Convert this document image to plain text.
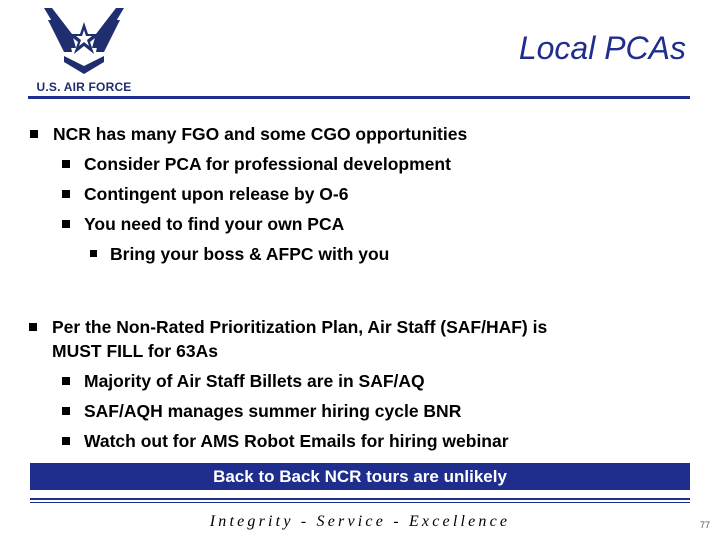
U.S. AIR FORCE
Local PCAs
NCR has many FGO and some CGO opportunities
Consider PCA for professional development
Contingent upon release by O-6
You need to find your own PCA
Bring your boss & AFPC with you
Per the Non-Rated Prioritization Plan, Air Staff (SAF/HAF) is
MUST FILL for 63As
Majority of Air Staff Billets are in SAF/AQ
SAF/AQH manages summer hiring cycle BNR
Watch out for AMS Robot Emails for hiring webinar
Back to Back NCR tours are unlikely
Integrity - Service - Excellence	77
